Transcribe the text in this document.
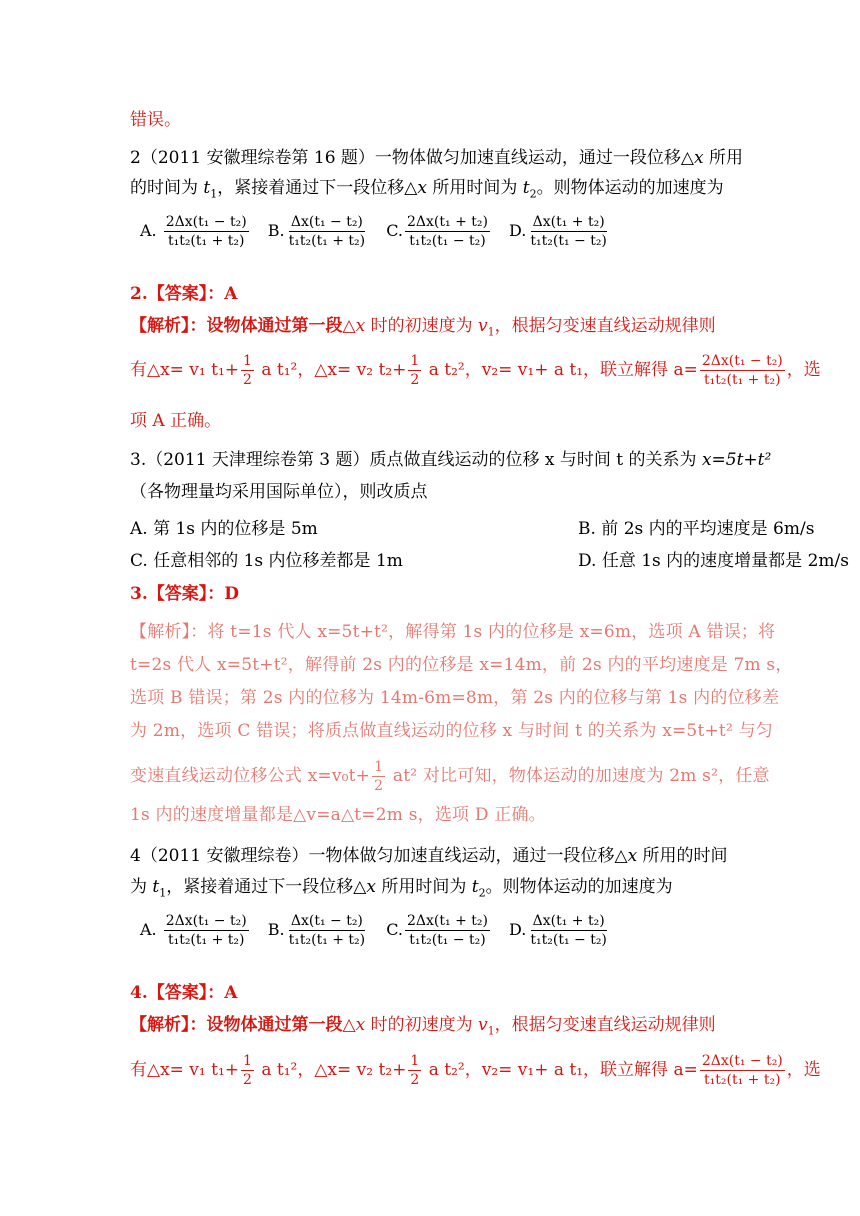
错误。
2（2011 安徽理综卷第 16 题）一物体做匀加速直线运动，通过一段位移△x 所用
的时间为 $t_1$，紧接着通过下一段位移△x 所用时间为 $t_2$。则物体运动的加速度为
A. $\frac{\text{2Δx(t₁ − t₂)}}{\text{t₁t₂(t₁ + t₂)}} B$. $\frac{\text{Δx(t₁ − t₂)}}{\text{t₁t₂(t₁ + t₂)}} C$. $\frac{\text{2Δx(t₁ + t₂)}}{\text{t₁t₂(t₁ − t₂)}} D$. $\frac{\text{Δx(t₁ + t₂)}}{\text{t₁t₂(t₁ − t₂)}}$
2.【答案】：A
【解析】：设物体通过第一段△x 时的初速度为 $v_1$，根据匀变速直线运动规律则
有△x= v₁ $t_1+ \frac{1}{2}$ a t₁²，△x= v₂ $t_2+ \frac{1}{2}$ a t₂²，v₂= v₁+ a t₁，联立解得 $a= \frac{\text{2Δx(t₁ − t₂)}}{\text{t₁t₂(t₁ + t₂)}}$ ，选
项 A 正确。
3.（2011 天津理综卷第 3 题）质点做直线运动的位移 x 与时间 t 的关系为 x=5t+t²
（各物理量均采用国际单位），则改质点
A. 第 1s 内的位移是 5m	B. 前 2s 内的平均速度是 6m/s
C. 任意相邻的 1s 内位移差都是 1m	D. 任意 1s 内的速度增量都是 2m/s
3.【答案】：D
【解析】：将 t=1s 代人 x=5t+t²，解得第 1s 内的位移是 x=6m，选项 A 错误；将
t=2s 代人 x=5t+t²，解得前 2s 内的位移是 x=14m，前 2s 内的平均速度是 7m s，
选项 B 错误；第 2s 内的位移为 14m-6m=8m，第 2s 内的位移与第 1s 内的位移差
为 2m，选项 C 错误；将质点做直线运动的位移 x 与时间 t 的关系为 x=5t+t² 与匀
变速直线运动位移公式 $x=v_0t+ \frac{1}{2} at^2$ 对比可知，物体运动的加速度为 2m s²，任意
1s 内的速度增量都是△v=a△t=2m s，选项 D 正确。
4（2011 安徽理综卷）一物体做匀加速直线运动，通过一段位移△x 所用的时间
为 $t_1$，紧接着通过下一段位移△x 所用时间为 $t_2$。则物体运动的加速度为
A. $\frac{\text{2Δx(t₁ − t₂)}}{\text{t₁t₂(t₁ + t₂)}} B$. $\frac{\text{Δx(t₁ − t₂)}}{\text{t₁t₂(t₁ + t₂)}} C$. $\frac{\text{2Δx(t₁ + t₂)}}{\text{t₁t₂(t₁ − t₂)}} D$. $\frac{\text{Δx(t₁ + t₂)}}{\text{t₁t₂(t₁ − t₂)}}$
4.【答案】：A
【解析】：设物体通过第一段△x 时的初速度为 $v_1$，根据匀变速直线运动规律则
有△x= v₁ $t_1+ \frac{1}{2}$ a t₁²，△x= v₂ $t_2+ \frac{1}{2}$ a t₂²，v₂= v₁+ a t₁，联立解得 $a= \frac{\text{2Δx(t₁ − t₂)}}{\text{t₁t₂(t₁ + t₂)}}$ ，选
